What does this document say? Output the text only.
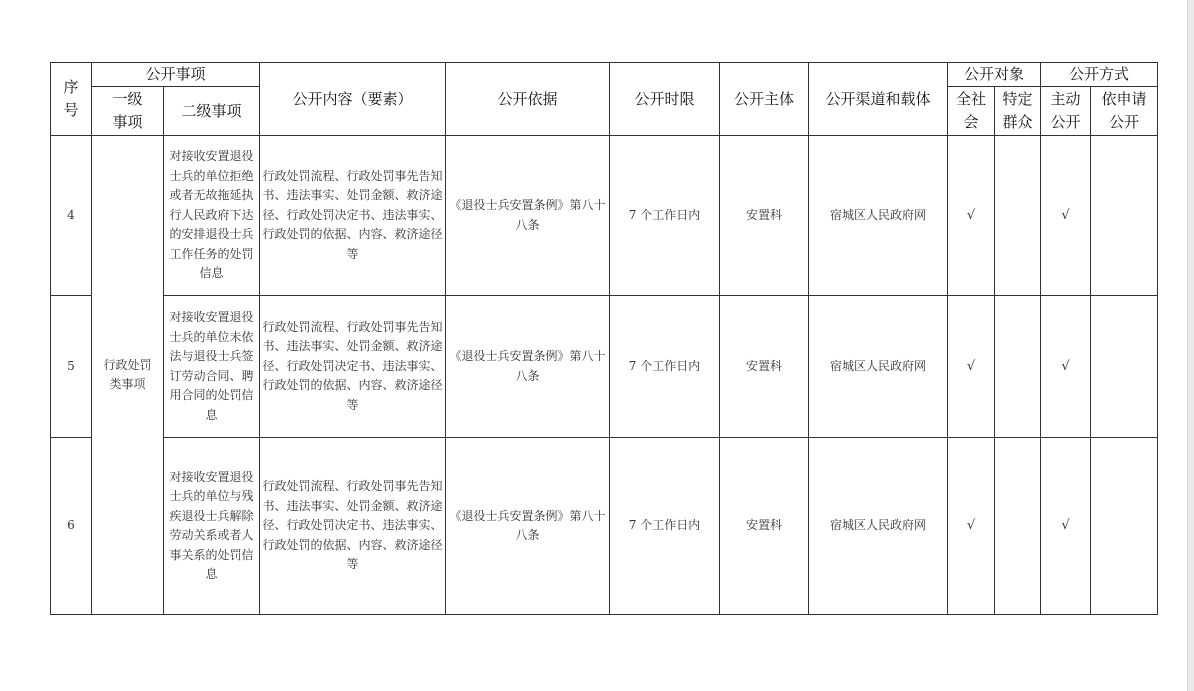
序号	公开事项		公开内容（要素）	公开依据	公开时限	公开主体	公开渠道和载体	公开对象		公开方式	

	一级事项	二级事项						全社会	特定群众	主动公开	依申请公开

4	行政处罚类事项	对接收安置退役士兵的单位拒绝或者无故拖延执行人民政府下达的安排退役士兵工作任务的处罚信息	行政处罚流程、行政处罚事先告知书、违法事实、处罚金额、救济途径、行政处罚决定书、违法事实、行政处罚的依据、内容、救济途径等	《退役士兵安置条例》第八十八条	7 个工作日内	安置科	宿城区人民政府网	√		√	
5		对接收安置退役士兵的单位未依法与退役士兵签订劳动合同、聘用合同的处罚信息	行政处罚流程、行政处罚事先告知书、违法事实、处罚金额、救济途径、行政处罚决定书、违法事实、行政处罚的依据、内容、救济途径等	《退役士兵安置条例》第八十八条	7 个工作日内	安置科	宿城区人民政府网	√		√	
6		对接收安置退役士兵的单位与残疾退役士兵解除劳动关系或者人事关系的处罚信息	行政处罚流程、行政处罚事先告知书、违法事实、处罚金额、救济途径、行政处罚决定书、违法事实、行政处罚的依据、内容、救济途径等	《退役士兵安置条例》第八十八条	7 个工作日内	安置科	宿城区人民政府网	√		√	
